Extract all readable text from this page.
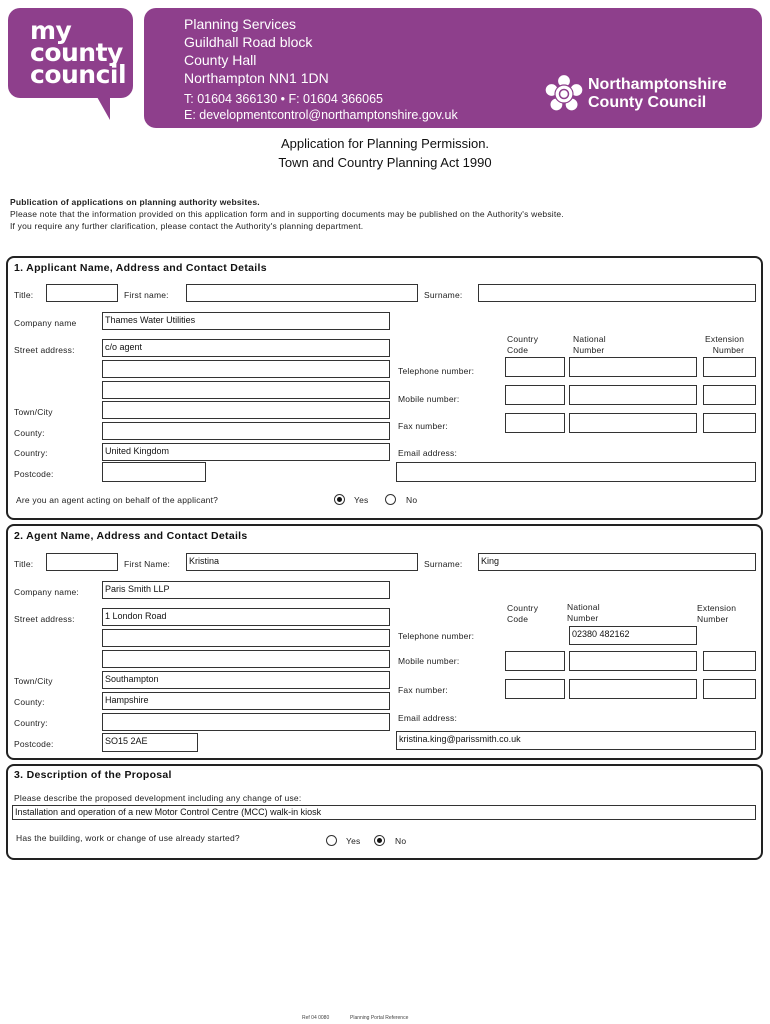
my
county
council
Planning Services
Guildhall Road block
County Hall
Northampton NN1 1DN
T: 01604 366130 • F: 01604 366065
E: developmentcontrol@northamptonshire.gov.uk
Northamptonshire
County Council
Application for Planning Permission.
Town and Country Planning Act 1990
Publication of applications on planning authority websites.
Please note that the information provided on this application form and in supporting documents may be published on the Authority's website.
If you require any further clarification, please contact the Authority's planning department.
1. Applicant Name, Address and Contact Details
Title:	First name:	Surname:
Company name	Thames Water Utilities
Street address:	c/o agent
Town/City
County:
Country:	United Kingdom
Postcode:
Country
Code
National
Number
Extension
Number
Telephone number:
Mobile number:
Fax number:
Email address:
Are you an agent acting on behalf of the applicant?	Yes	No
2. Agent Name, Address and Contact Details
Title:	First Name:	Kristina	Surname:	King
Company name:	Paris Smith LLP
Street address:	1 London Road
Town/City	Southampton
County:	Hampshire
Country:
Postcode:	SO15 2AE
Country
Code
National
Number
Extension
Number
Telephone number:	02380 482162
Mobile number:
Fax number:
Email address:
kristina.king@parissmith.co.uk
3. Description of the Proposal
Please describe the proposed development including any change of use:
Installation and operation of a new Motor Control Centre (MCC) walk-in kiosk
Has the building, work or change of use already started?	Yes	No
Ref 04 0080	Planning Portal Reference
